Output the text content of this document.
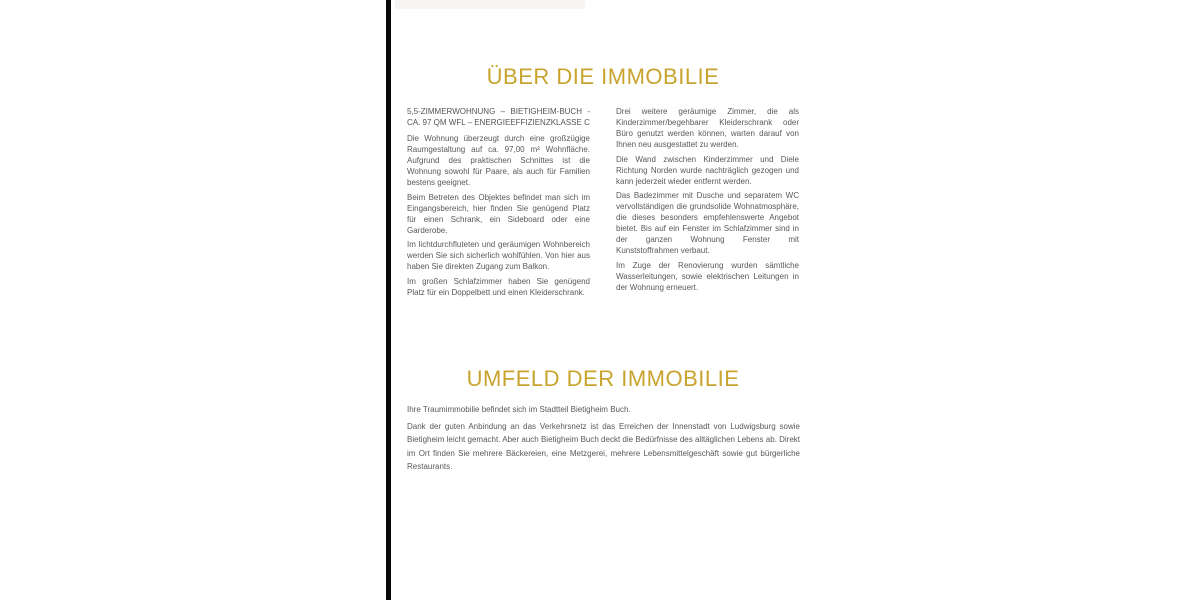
ÜBER DIE IMMOBILIE

5,5-ZIMMERWOHNUNG – BIETIGHEIM-BUCH - CA. 97 QM WFL – ENERGIEEFFIZIENZKLASSE C

Die Wohnung überzeugt durch eine großzügige Raumgestaltung auf ca. 97,00 m² Wohnfläche. Aufgrund des praktischen Schnittes ist die Wohnung sowohl für Paare, als auch für Familien bestens geeignet.

Beim Betreten des Objektes befindet man sich im Eingangsbereich, hier finden Sie genügend Platz für einen Schrank, ein Sideboard oder eine Garderobe.

Im lichtdurchfluteten und geräumigen Wohnbereich werden Sie sich sicherlich wohlfühlen. Von hier aus haben Sie direkten Zugang zum Balkon.

Im großen Schlafzimmer haben Sie genügend Platz für ein Doppelbett und einen Kleiderschrank.

Drei weitere geräumige Zimmer, die als Kinderzimmer/begehbarer Kleiderschrank oder Büro genutzt werden können, warten darauf von Ihnen neu ausgestattet zu werden.

Die Wand zwischen Kinderzimmer und Diele Richtung Norden wurde nachträglich gezogen und kann jederzeit wieder entfernt werden.

Das Badezimmer mit Dusche und separatem WC vervollständigen die grundsolide Wohnatmosphäre, die dieses besonders empfehlenswerte Angebot bietet. Bis auf ein Fenster im Schlafzimmer sind in der ganzen Wohnung Fenster mit Kunststoffrahmen verbaut.

Im Zuge der Renovierung wurden sämtliche Wasserleitungen, sowie elektrischen Leitungen in der Wohnung erneuert.

UMFELD DER IMMOBILIE

Ihre Traumimmobilie befindet sich im Stadtteil Bietigheim Buch.

Dank der guten Anbindung an das Verkehrsnetz ist das Erreichen der Innenstadt von Ludwigsburg sowie Bietigheim leicht gemacht. Aber auch Bietigheim Buch deckt die Bedürfnisse des alltäglichen Lebens ab. Direkt im Ort finden Sie mehrere Bäckereien, eine Metzgerei, mehrere Lebensmittelgeschäft sowie gut bürgerliche Restaurants.
